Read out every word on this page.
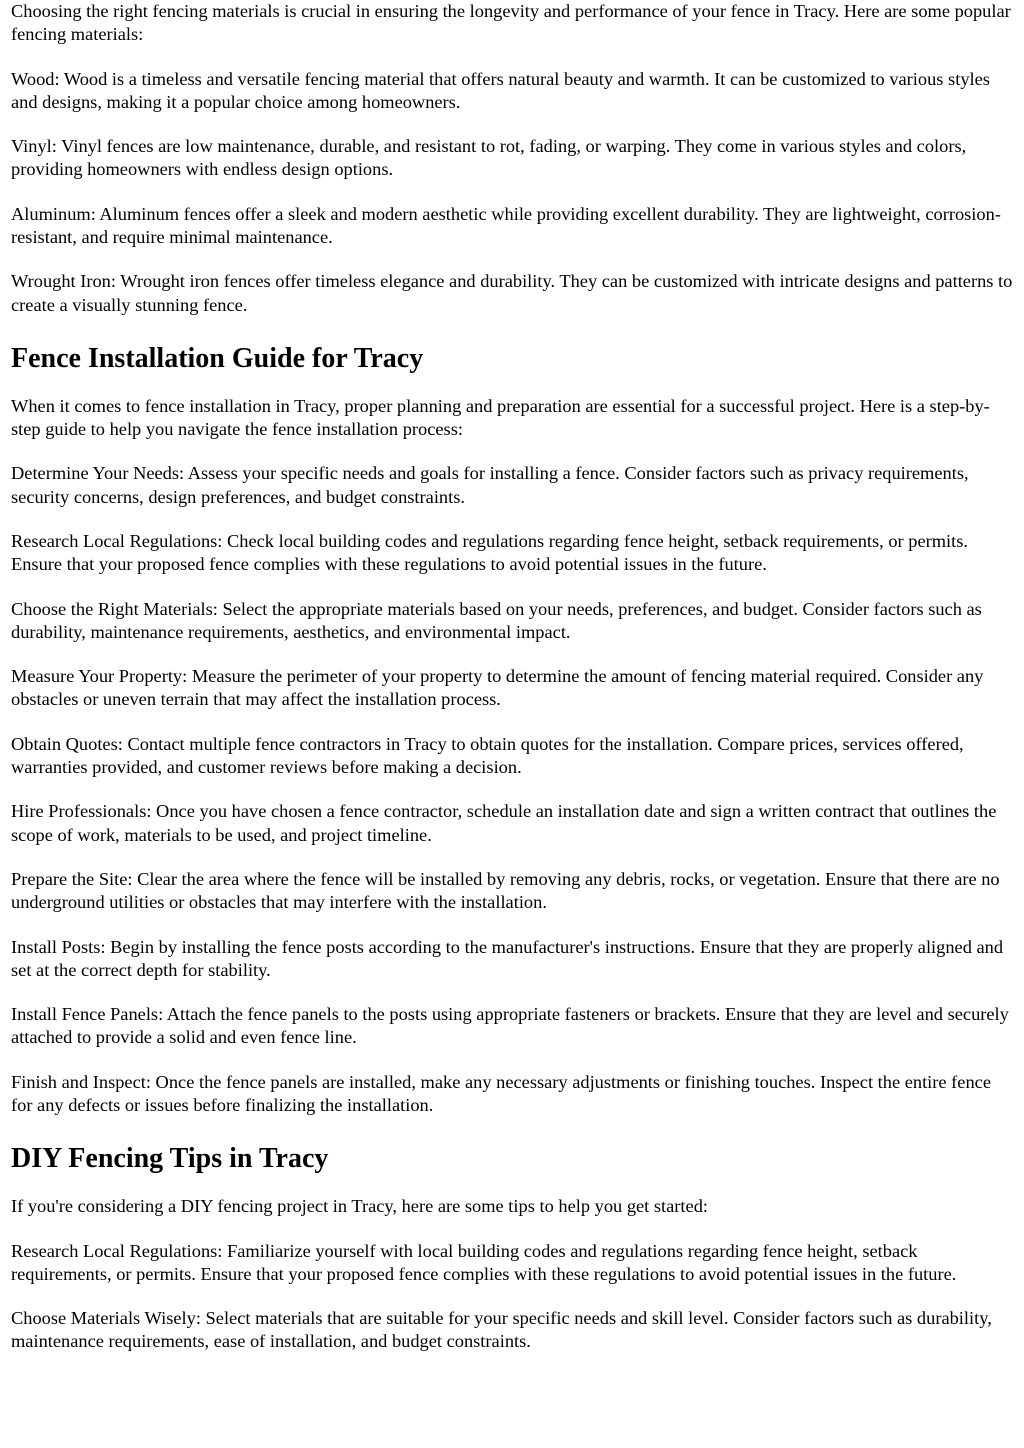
Choosing the right fencing materials is crucial in ensuring the longevity and performance of your fence in Tracy. Here are some popular fencing materials:

Wood: Wood is a timeless and versatile fencing material that offers natural beauty and warmth. It can be customized to various styles and designs, making it a popular choice among homeowners.

Vinyl: Vinyl fences are low maintenance, durable, and resistant to rot, fading, or warping. They come in various styles and colors, providing homeowners with endless design options.

Aluminum: Aluminum fences offer a sleek and modern aesthetic while providing excellent durability. They are lightweight, corrosion-resistant, and require minimal maintenance.

Wrought Iron: Wrought iron fences offer timeless elegance and durability. They can be customized with intricate designs and patterns to create a visually stunning fence.

Fence Installation Guide for Tracy

When it comes to fence installation in Tracy, proper planning and preparation are essential for a successful project. Here is a step-by-step guide to help you navigate the fence installation process:

Determine Your Needs: Assess your specific needs and goals for installing a fence. Consider factors such as privacy requirements, security concerns, design preferences, and budget constraints.

Research Local Regulations: Check local building codes and regulations regarding fence height, setback requirements, or permits. Ensure that your proposed fence complies with these regulations to avoid potential issues in the future.

Choose the Right Materials: Select the appropriate materials based on your needs, preferences, and budget. Consider factors such as durability, maintenance requirements, aesthetics, and environmental impact.

Measure Your Property: Measure the perimeter of your property to determine the amount of fencing material required. Consider any obstacles or uneven terrain that may affect the installation process.

Obtain Quotes: Contact multiple fence contractors in Tracy to obtain quotes for the installation. Compare prices, services offered, warranties provided, and customer reviews before making a decision.

Hire Professionals: Once you have chosen a fence contractor, schedule an installation date and sign a written contract that outlines the scope of work, materials to be used, and project timeline.

Prepare the Site: Clear the area where the fence will be installed by removing any debris, rocks, or vegetation. Ensure that there are no underground utilities or obstacles that may interfere with the installation.

Install Posts: Begin by installing the fence posts according to the manufacturer's instructions. Ensure that they are properly aligned and set at the correct depth for stability.

Install Fence Panels: Attach the fence panels to the posts using appropriate fasteners or brackets. Ensure that they are level and securely attached to provide a solid and even fence line.

Finish and Inspect: Once the fence panels are installed, make any necessary adjustments or finishing touches. Inspect the entire fence for any defects or issues before finalizing the installation.

DIY Fencing Tips in Tracy

If you're considering a DIY fencing project in Tracy, here are some tips to help you get started:

Research Local Regulations: Familiarize yourself with local building codes and regulations regarding fence height, setback requirements, or permits. Ensure that your proposed fence complies with these regulations to avoid potential issues in the future.

Choose Materials Wisely: Select materials that are suitable for your specific needs and skill level. Consider factors such as durability, maintenance requirements, ease of installation, and budget constraints.
